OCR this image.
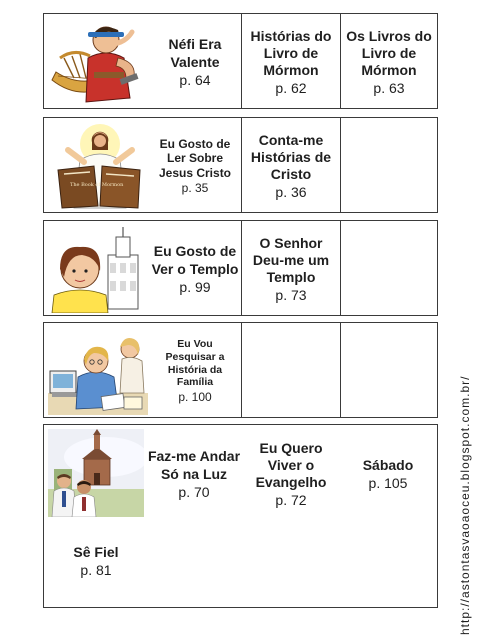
Néfi Era Valente
p. 64
Histórias do Livro de Mórmon
p. 62
Os Livros do Livro de Mórmon
p. 63
The Book of Mormon
Eu Gosto de Ler Sobre Jesus Cristo
p. 35
Conta-me Histórias de Cristo
p. 36
Eu Gosto de Ver o Templo
p. 99
O Senhor Deu-me um Templo
p. 73
Eu Vou Pesquisar a História da Família
p. 100
Faz-me Andar Só na Luz
p. 70
Eu Quero Viver o Evangelho
p. 72
Sábado
p. 105
Sê Fiel
p. 81	http://astontasvaoaoceu.blogspot.com.br/
